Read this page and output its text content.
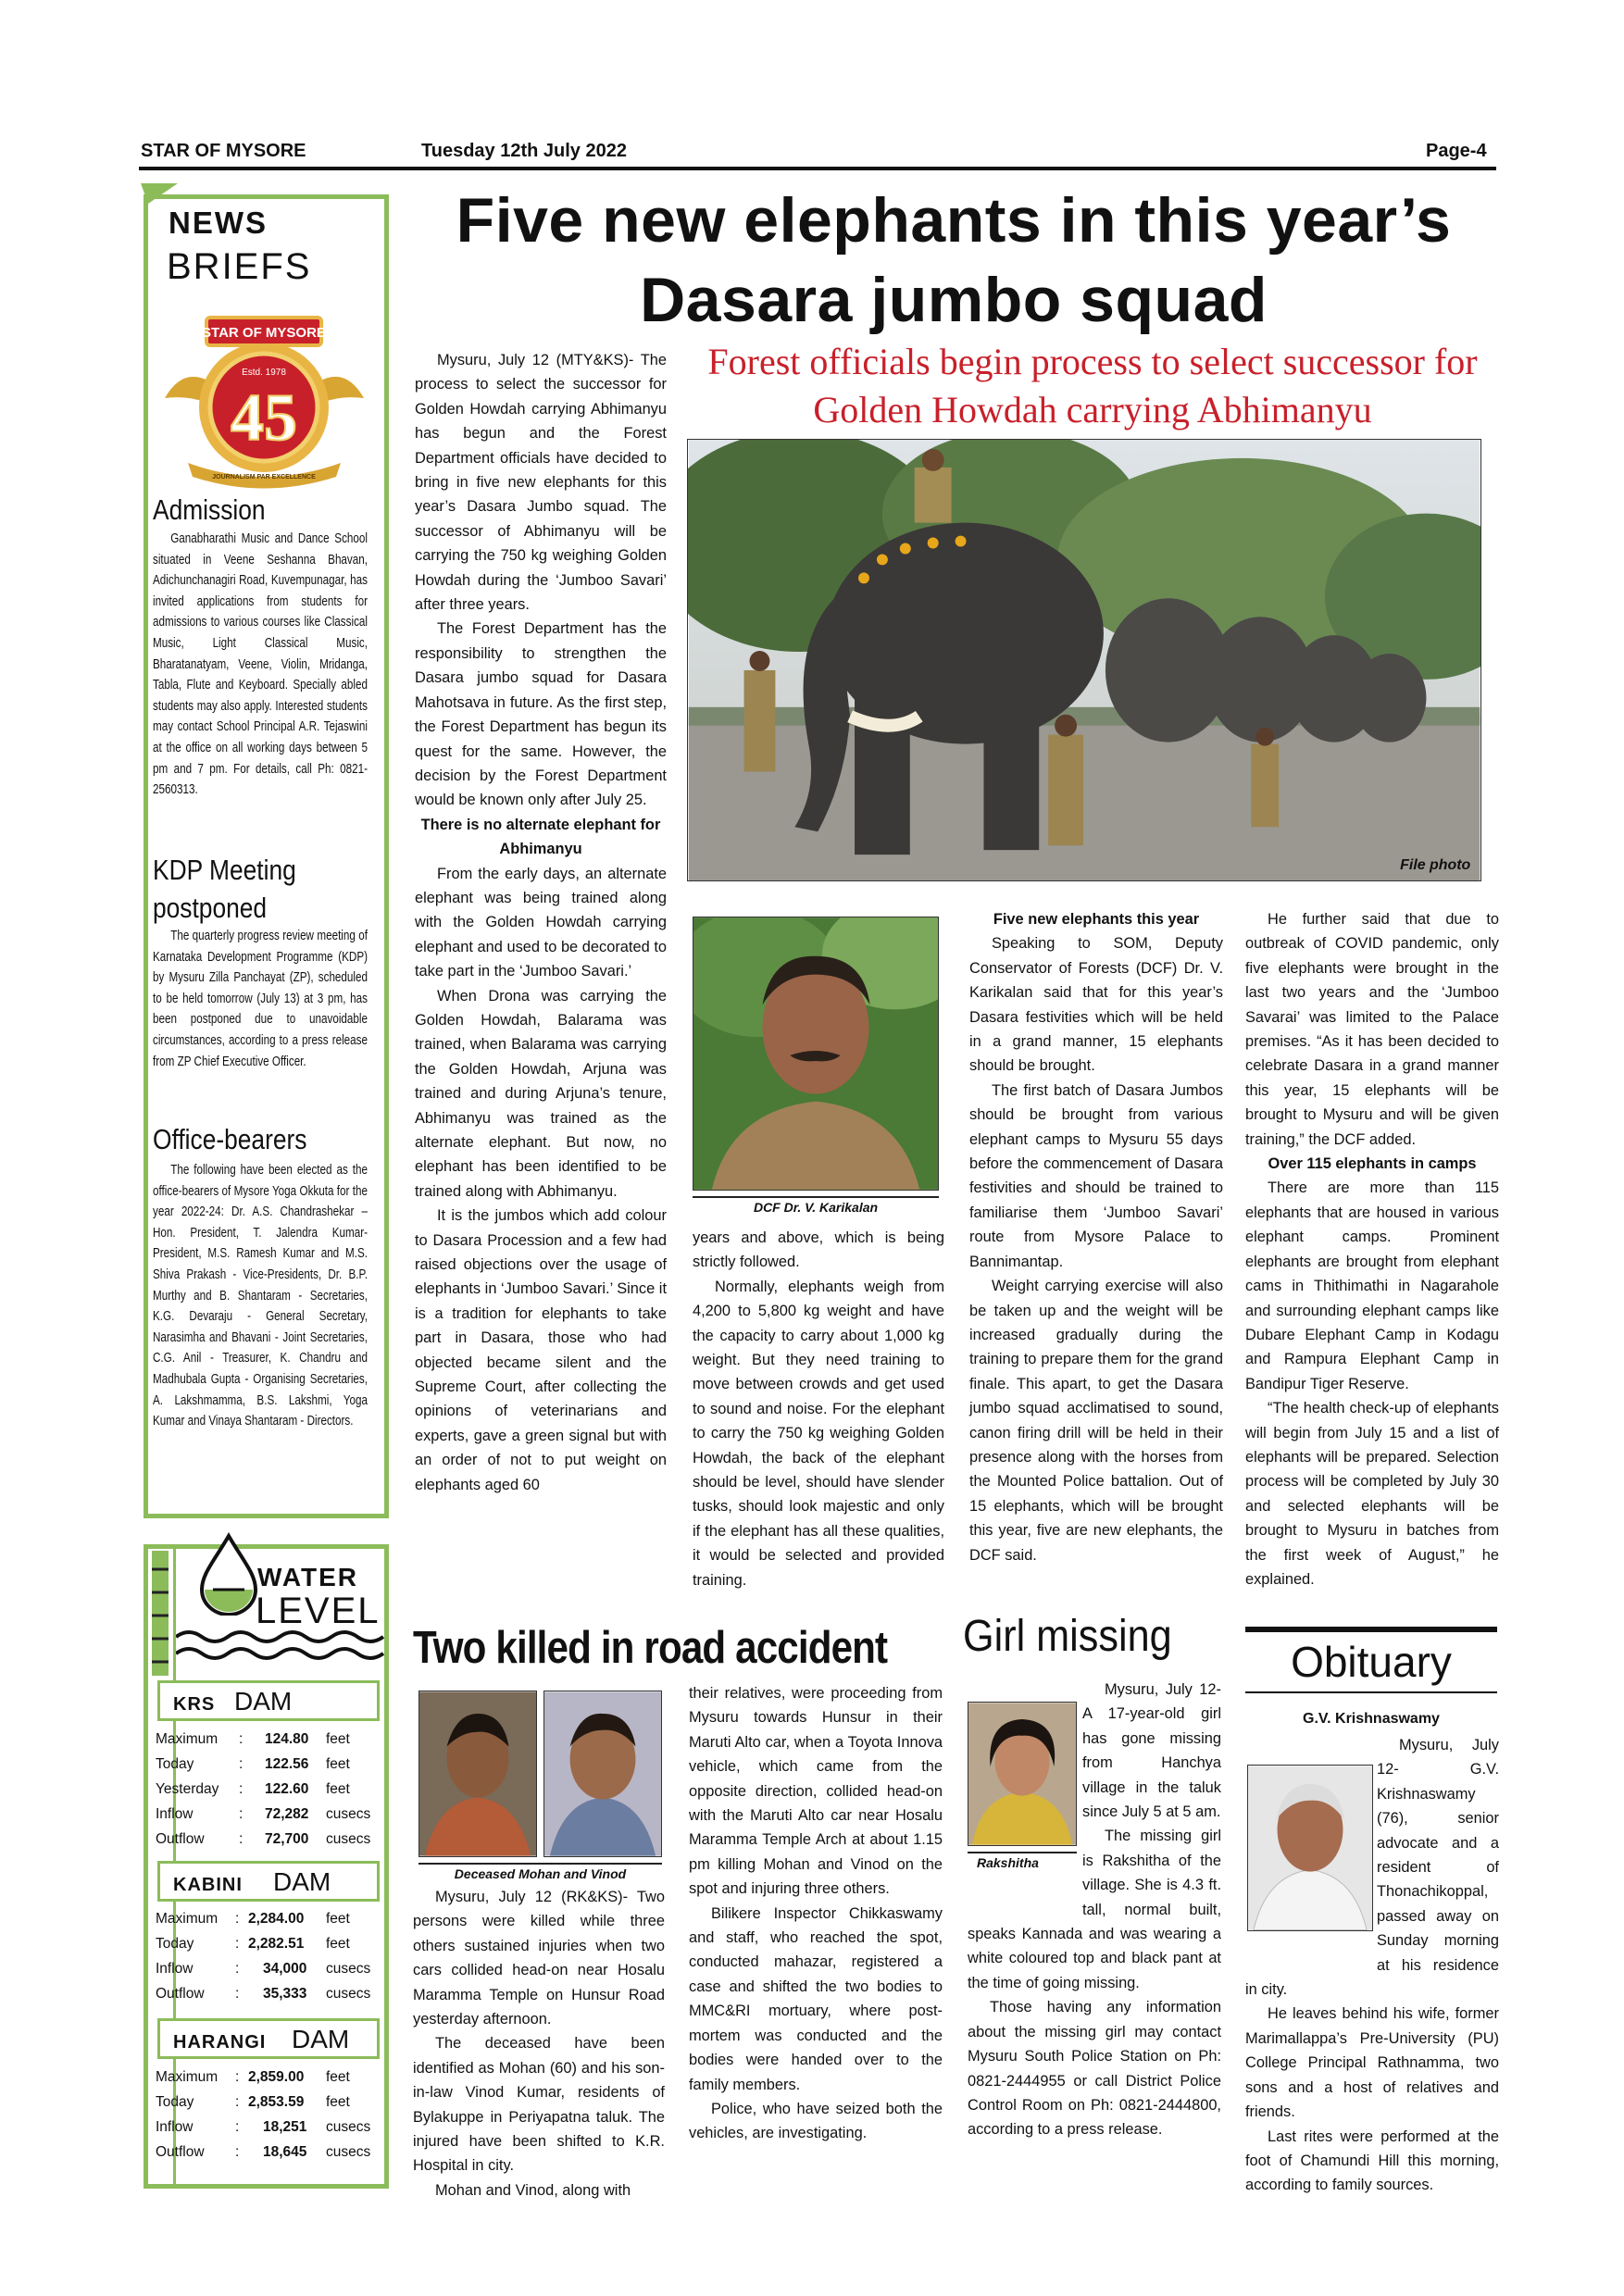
STAR OF MYSORE	Tuesday 12th July 2022	Page-4
NEWS
BRIEFS
STAR OF MYSORE
Estd. 1978
45
JOURNALISM PAR EXCELLENCE
Admission

Ganabharathi Music and Dance School situated in Veene Seshanna Bhavan, Adichunchanagiri Road, Kuvempunagar, has invited applications from students for admissions to various courses like Classical Music, Light Classical Music, Bharatanatyam, Veene, Violin, Mridanga, Tabla, Flute and Keyboard. Specially abled students may also apply. Interested students may contact School Principal A.R. Tejaswini at the office on all working days between 5 pm and 7 pm. For details, call Ph: 0821-2560313.

KDP Meeting postponed

The quarterly progress review meeting of Karnataka Development Programme (KDP) by Mysuru Zilla Panchayat (ZP), scheduled to be held tomorrow (July 13) at 3 pm, has been postponed due to unavoidable circumstances, according to a press release from ZP Chief Executive Officer.

Office-bearers

The following have been elected as the office-bearers of Mysore Yoga Okkuta for the year 2022-24: Dr. A.S. Chandrashekar – Hon. President, T. Jalendra Kumar- President, M.S. Ramesh Kumar and M.S. Shiva Prakash - Vice-Presidents, Dr. B.P. Murthy and B. Shantaram - Secretaries, K.G. Devaraju - General Secretary, Narasimha and Bhavani - Joint Secretaries, C.G. Anil - Treasurer, K. Chandru and Madhubala Gupta - Organising Secretaries, A. Lakshmamma, B.S. Lakshmi, Yoga Kumar and Vinaya Shantaram - Directors.

WATER
LEVEL
KRS DAM
Maximum : 124.80 feet
Today	: 122.56 feet
Yesterday : 122.60 feet
Inflow	: 72,282 cusecs
Outflow : 72,700 cusecs
KABINI DAM
Maximum : 2,284.00 feet
Today	: 2,282.51 feet
Inflow	: 34,000 cusecs
Outflow : 35,333 cusecs
HARANGI DAM
Maximum : 2,859.00 feet
Today	: 2,853.59 feet
Inflow	: 18,251 cusecs
Outflow : 18,645 cusecs
Five new elephants in this year’s Dasara jumbo squad
Forest officials begin process to select successor for Golden Howdah carrying Abhimanyu
File photo
DCF Dr. V. Karikalan

Mysuru, July 12 (MTY&KS)- The process to select the successor for Golden Howdah carrying Abhimanyu has begun and the Forest Department officials have decided to bring in five new elephants for this year’s Dasara Jumbo squad. The successor of Abhimanyu will be carrying the 750 kg weighing Golden Howdah during the ‘Jumboo Savari’ after three years.

The Forest Department has the responsibility to strengthen the Dasara jumbo squad for Dasara Mahotsava in future. As the first step, the Forest Department has begun its quest for the same. However, the decision by the Forest Department would be known only after July 25.

There is no alternate elephant for Abhimanyu

From the early days, an alternate elephant was being trained along with the Golden Howdah carrying elephant and used to be decorated to take part in the ‘Jumboo Savari.’

When Drona was carrying the Golden Howdah, Balarama was trained, when Balarama was carrying the Golden Howdah, Arjuna was trained and during Arjuna’s tenure, Abhimanyu was trained as the alternate elephant. But now, no elephant has been identified to be trained along with Abhimanyu.

It is the jumbos which add colour to Dasara Procession and a few had raised objections over the usage of elephants in ‘Jumboo Savari.’ Since it is a tradition for elephants to take part in Dasara, those who had objected became silent and the Supreme Court, after collecting the opinions of veterinarians and experts, gave a green signal but with an order of not to put weight on elephants aged 60

years and above, which is being strictly followed.

Normally, elephants weigh from 4,200 to 5,800 kg weight and have the capacity to carry about 1,000 kg weight. But they need training to move between crowds and get used to sound and noise. For the elephant to carry the 750 kg weighing Golden Howdah, the back of the elephant should be level, should have slender tusks, should look majestic and only if the elephant has all these qualities, it would be selected and provided training.

Five new elephants this year

Speaking to SOM, Deputy Conservator of Forests (DCF) Dr. V. Karikalan said that for this year’s Dasara festivities which will be held in a grand manner, 15 elephants should be brought.

The first batch of Dasara Jumbos should be brought from various elephant camps to Mysuru 55 days before the commencement of Dasara festivities and should be trained to familiarise them ‘Jumboo Savari’ route from Mysore Palace to Bannimantap.

Weight carrying exercise will also be taken up and the weight will be increased gradually during the training to prepare them for the grand finale. This apart, to get the Dasara jumbo squad acclimatised to sound, canon firing drill will be held in their presence along with the horses from the Mounted Police battalion. Out of 15 elephants, which will be brought this year, five are new elephants, the DCF said.

He further said that due to outbreak of COVID pandemic, only five elephants were brought in the last two years and the ‘Jumboo Savarai’ was limited to the Palace premises. “As it has been decided to celebrate Dasara in a grand manner this year, 15 elephants will be brought to Mysuru and will be given training,” the DCF added.

Over 115 elephants in camps

There are more than 115 elephants that are housed in various elephant camps. Prominent elephants are brought from elephant cams in Thithimathi in Nagarahole and surrounding elephant camps like Dubare Elephant Camp in Kodagu and Rampura Elephant Camp in Bandipur Tiger Reserve.

“The health check-up of elephants will begin from July 15 and a list of elephants will be prepared. Selection process will be completed by July 30 and selected elephants will be brought to Mysuru in batches from the first week of August,” he explained.

Two killed in road accident
Deceased Mohan and Vinod

Mysuru, July 12 (RK&KS)- Two persons were killed while three others sustained injuries when two cars collided head-on near Hosalu Maramma Temple on Hunsur Road yesterday afternoon.

The deceased have been identified as Mohan (60) and his son-in-law Vinod Kumar, residents of Bylakuppe in Periyapatna taluk. The injured have been shifted to K.R. Hospital in city.

Mohan and Vinod, along with

their relatives, were proceeding from Mysuru towards Hunsur in their Maruti Alto car, when a Toyota Innova vehicle, which came from the opposite direction, collided head-on with the Maruti Alto car near Hosalu Maramma Temple Arch at about 1.15 pm killing Mohan and Vinod on the spot and injuring three others.

Bilikere Inspector Chikkaswamy and staff, who reached the spot, conducted mahazar, registered a case and shifted the two bodies to MMC&RI mortuary, where post-mortem was conducted and the bodies were handed over to the family members.

Police, who have seized both the vehicles, are investigating.

Girl missing
Rakshitha

Mysuru, July 12- A 17-year-old girl has gone missing from Hanchya village in the taluk since July 5 at 5 am.

The missing girl is Rakshitha of the village. She is 4.3 ft. tall, normal built, speaks Kannada and was wearing a white coloured top and black pant at the time of going missing.

Those having any information about the missing girl may contact Mysuru South Police Station on Ph: 0821-2444955 or call District Police Control Room on Ph: 0821-2444800, according to a press release.

Obituary
G.V. Krishnaswamy

Mysuru, July 12- G.V. Krishnaswamy (76), senior advocate and a resident of Thonachikoppal, passed away on Sunday morning at his residence in city.

He leaves behind his wife, former Marimallappa’s Pre-University (PU) College Principal Rathnamma, two sons and a host of relatives and friends.

Last rites were performed at the foot of Chamundi Hill this morning, according to family sources.
